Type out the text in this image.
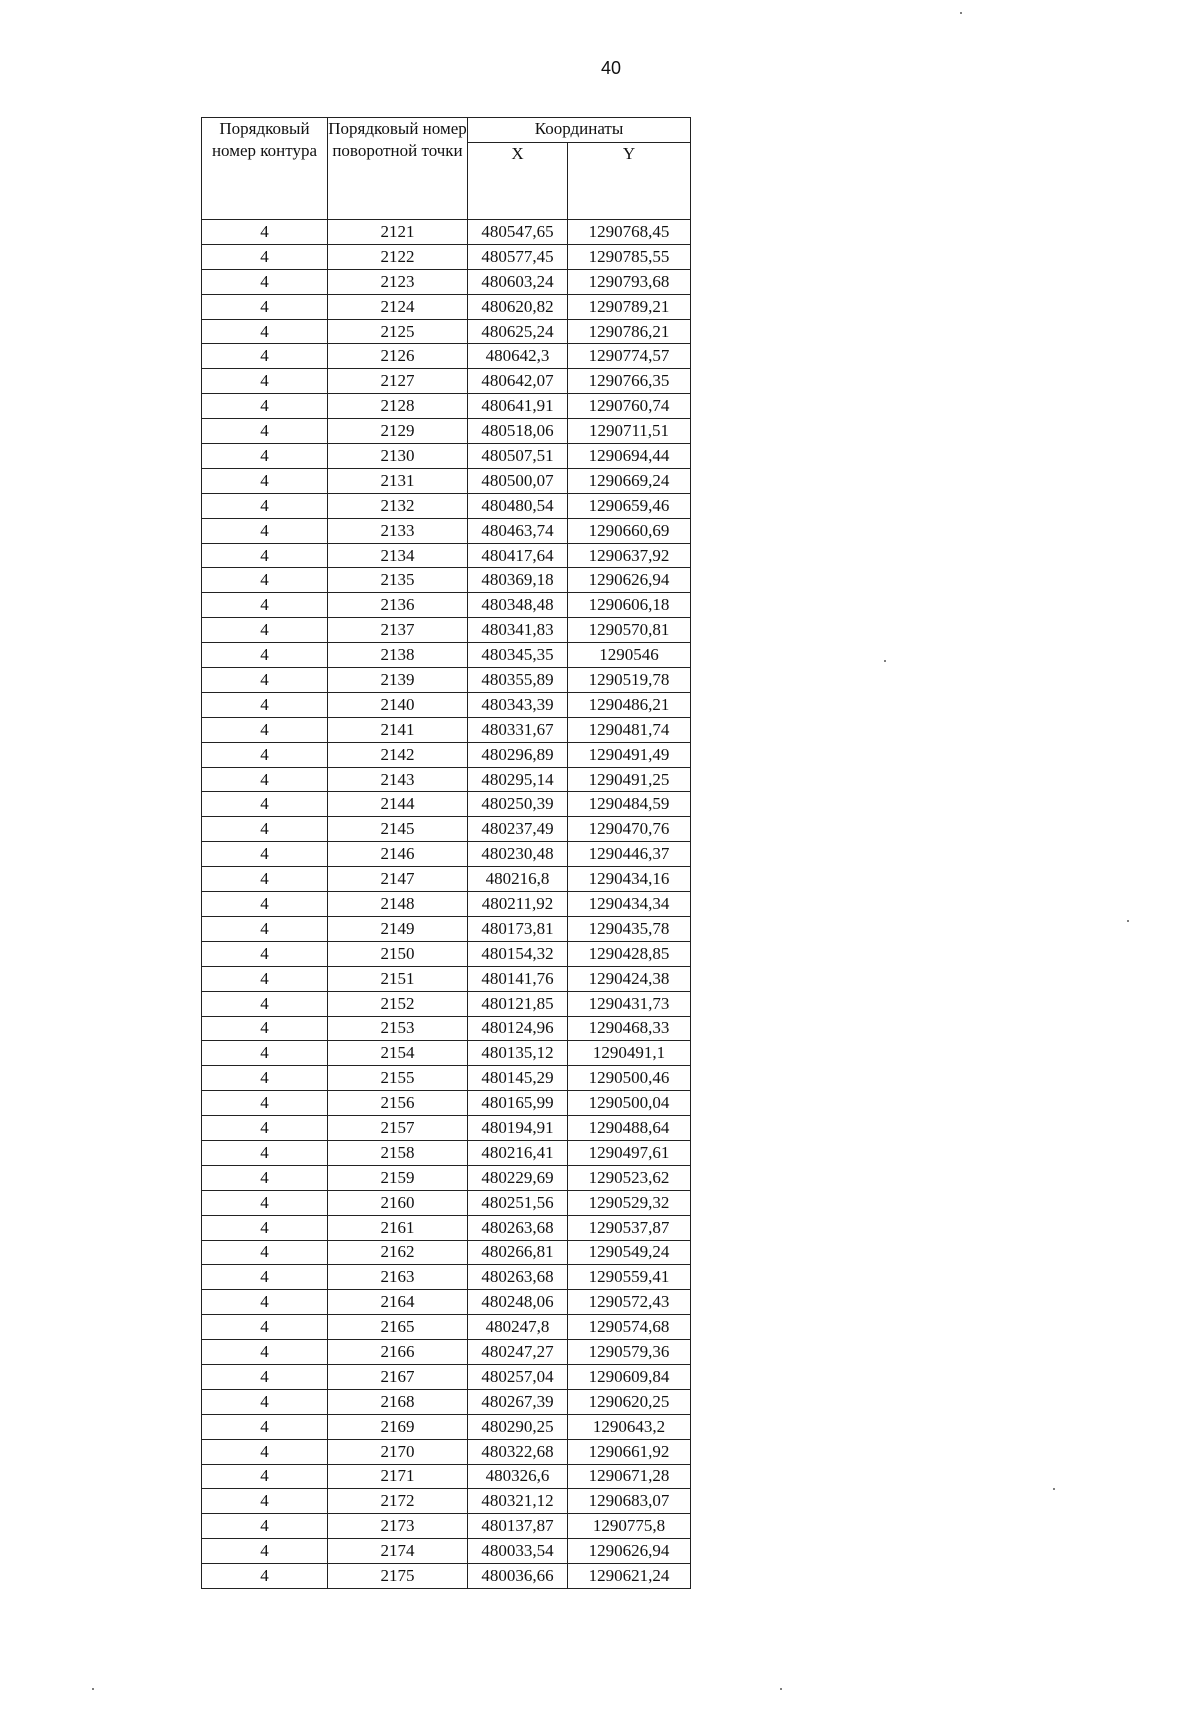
40
Порядковый номер контура	Порядковый номер поворотной точки	Координаты	
		X	Y
4	2121	480547,65	1290768,45
4	2122	480577,45	1290785,55
4	2123	480603,24	1290793,68
4	2124	480620,82	1290789,21
4	2125	480625,24	1290786,21
4	2126	480642,3	1290774,57
4	2127	480642,07	1290766,35
4	2128	480641,91	1290760,74
4	2129	480518,06	1290711,51
4	2130	480507,51	1290694,44
4	2131	480500,07	1290669,24
4	2132	480480,54	1290659,46
4	2133	480463,74	1290660,69
4	2134	480417,64	1290637,92
4	2135	480369,18	1290626,94
4	2136	480348,48	1290606,18
4	2137	480341,83	1290570,81
4	2138	480345,35	1290546
4	2139	480355,89	1290519,78
4	2140	480343,39	1290486,21
4	2141	480331,67	1290481,74
4	2142	480296,89	1290491,49
4	2143	480295,14	1290491,25
4	2144	480250,39	1290484,59
4	2145	480237,49	1290470,76
4	2146	480230,48	1290446,37
4	2147	480216,8	1290434,16
4	2148	480211,92	1290434,34
4	2149	480173,81	1290435,78
4	2150	480154,32	1290428,85
4	2151	480141,76	1290424,38
4	2152	480121,85	1290431,73
4	2153	480124,96	1290468,33
4	2154	480135,12	1290491,1
4	2155	480145,29	1290500,46
4	2156	480165,99	1290500,04
4	2157	480194,91	1290488,64
4	2158	480216,41	1290497,61
4	2159	480229,69	1290523,62
4	2160	480251,56	1290529,32
4	2161	480263,68	1290537,87
4	2162	480266,81	1290549,24
4	2163	480263,68	1290559,41
4	2164	480248,06	1290572,43
4	2165	480247,8	1290574,68
4	2166	480247,27	1290579,36
4	2167	480257,04	1290609,84
4	2168	480267,39	1290620,25
4	2169	480290,25	1290643,2
4	2170	480322,68	1290661,92
4	2171	480326,6	1290671,28
4	2172	480321,12	1290683,07
4	2173	480137,87	1290775,8
4	2174	480033,54	1290626,94
4	2175	480036,66	1290621,24
